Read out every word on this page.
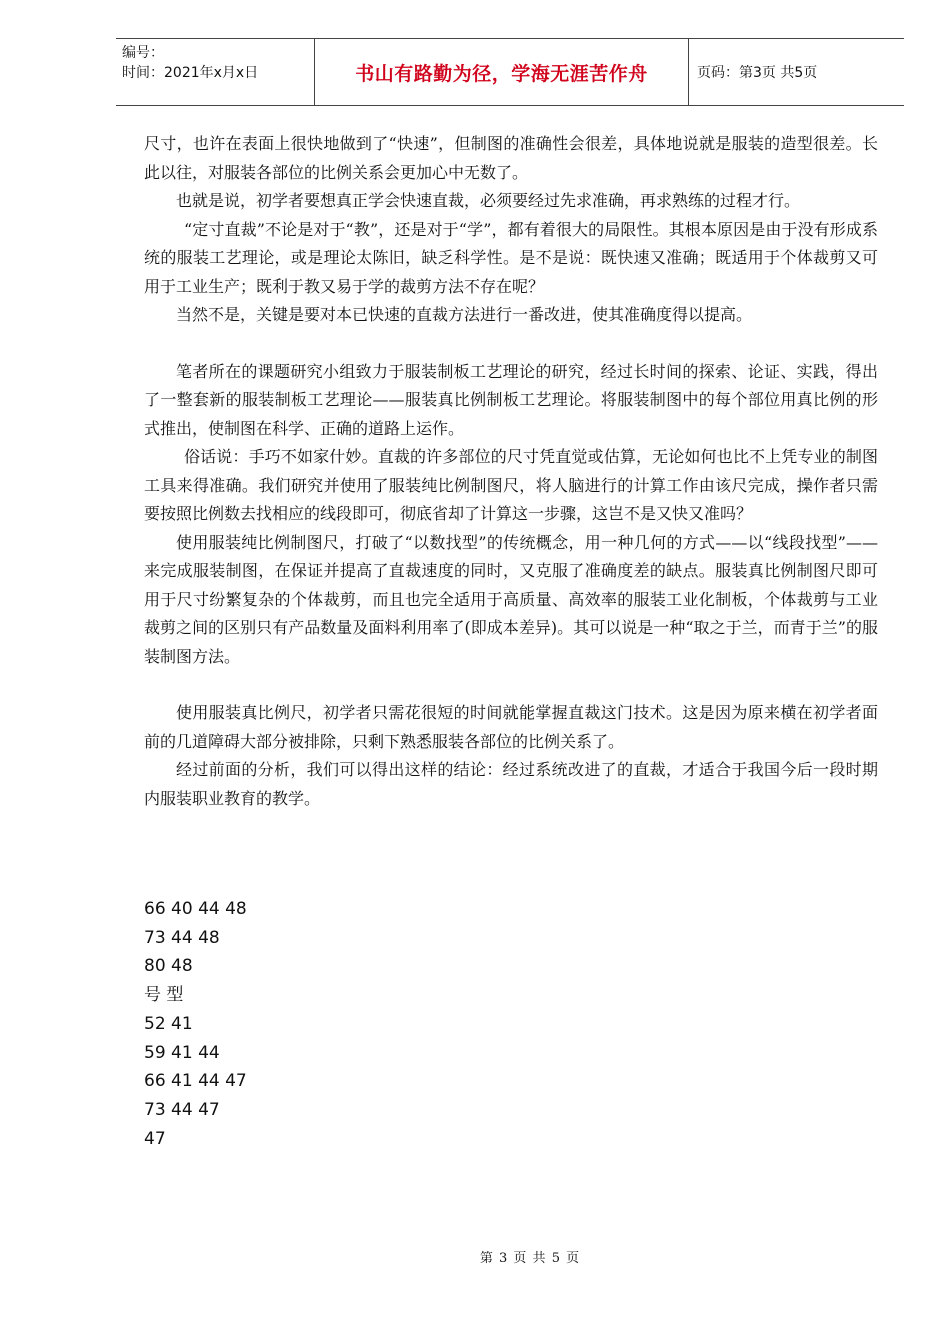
编号：
时间：2021年x月x日	书山有路勤为径，学海无涯苦作舟	页码：第3页 共5页

尺寸，也许在表面上很快地做到了“快速”，但制图的准确性会很差，具体地说就是服装的造型很差。长此以往，对服装各部位的比例关系会更加心中无数了。

也就是说，初学者要想真正学会快速直裁，必须要经过先求准确，再求熟练的过程才行。

“定寸直裁”不论是对于“教”，还是对于“学”，都有着很大的局限性。其根本原因是由于没有形成系统的服装工艺理论，或是理论太陈旧，缺乏科学性。是不是说：既快速又准确；既适用于个体裁剪又可用于工业生产；既利于教又易于学的裁剪方法不存在呢？

当然不是，关键是要对本已快速的直裁方法进行一番改进，使其准确度得以提高。

笔者所在的课题研究小组致力于服装制板工艺理论的研究，经过长时间的探索、论证、实践，得出了一整套新的服装制板工艺理论——服装真比例制板工艺理论。将服装制图中的每个部位用真比例的形式推出，使制图在科学、正确的道路上运作。

俗话说：手巧不如家什妙。直裁的许多部位的尺寸凭直觉或估算，无论如何也比不上凭专业的制图工具来得准确。我们研究并使用了服装纯比例制图尺，将人脑进行的计算工作由该尺完成，操作者只需要按照比例数去找相应的线段即可，彻底省却了计算这一步骤，这岂不是又快又准吗？

使用服装纯比例制图尺，打破了“以数找型”的传统概念，用一种几何的方式——以“线段找型”——来完成服装制图，在保证并提高了直裁速度的同时，又克服了准确度差的缺点。服装真比例制图尺即可用于尺寸纷繁复杂的个体裁剪，而且也完全适用于高质量、高效率的服装工业化制板，个体裁剪与工业裁剪之间的区别只有产品数量及面料利用率了(即成本差异)。其可以说是一种“取之于兰，而青于兰”的服装制图方法。

使用服装真比例尺，初学者只需花很短的时间就能掌握直裁这门技术。这是因为原来横在初学者面前的几道障碍大部分被排除，只剩下熟悉服装各部位的比例关系了。

经过前面的分析，我们可以得出这样的结论：经过系统改进了的直裁，才适合于我国今后一段时期内服装职业教育的教学。

66 40 44 48
73 44 48
80 48
号 型
52 41
59 41 44
66 41 44 47
73 44 47
47
第 3 页 共 5 页
